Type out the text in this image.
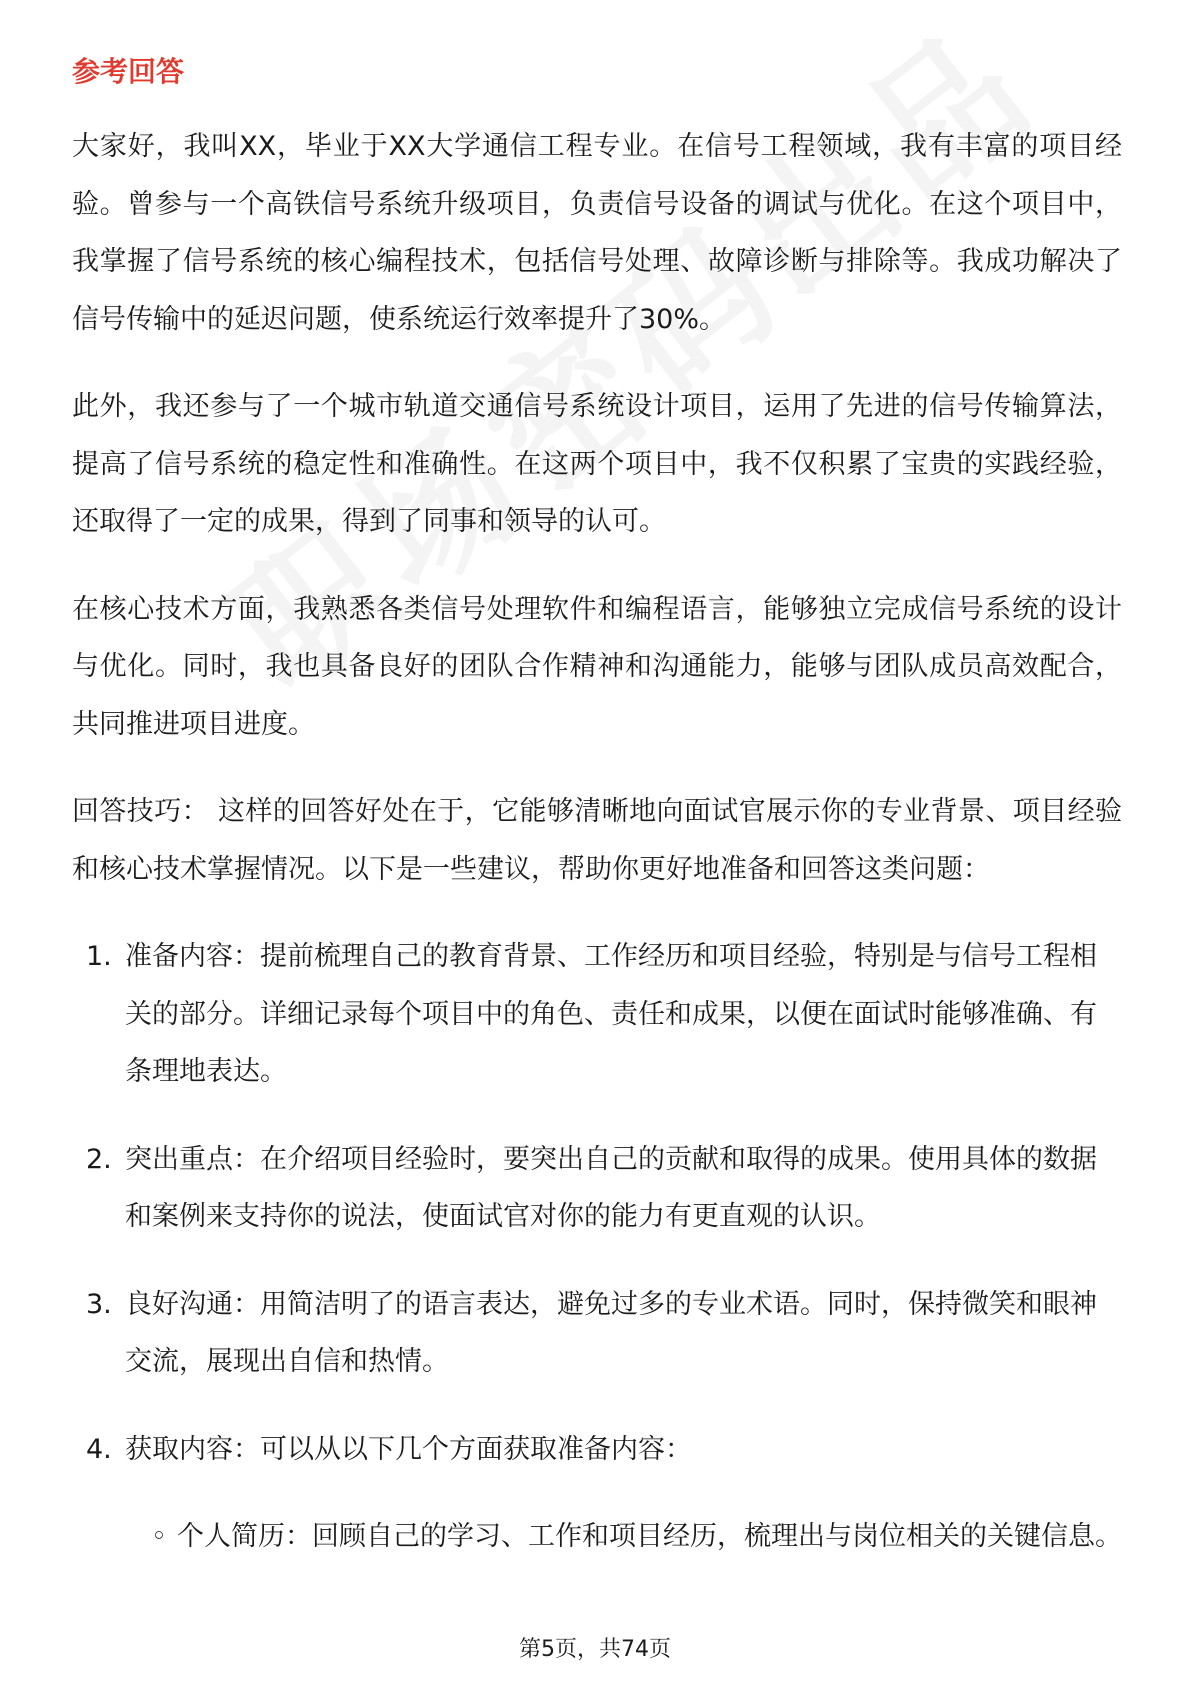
参考回答

大家好，我叫XX，毕业于XX大学通信工程专业。在信号工程领域，我有丰富的项目经验。曾参与一个高铁信号系统升级项目，负责信号设备的调试与优化。在这个项目中，我掌握了信号系统的核心编程技术，包括信号处理、故障诊断与排除等。我成功解决了信号传输中的延迟问题，使系统运行效率提升了30%。

此外，我还参与了一个城市轨道交通信号系统设计项目，运用了先进的信号传输算法，提高了信号系统的稳定性和准确性。在这两个项目中，我不仅积累了宝贵的实践经验，还取得了一定的成果，得到了同事和领导的认可。

在核心技术方面，我熟悉各类信号处理软件和编程语言，能够独立完成信号系统的设计与优化。同时，我也具备良好的团队合作精神和沟通能力，能够与团队成员高效配合，共同推进项目进度。

回答技巧： 这样的回答好处在于，它能够清晰地向面试官展示你的专业背景、项目经验和核心技术掌握情况。以下是一些建议，帮助你更好地准备和回答这类问题：

1. 准备内容：提前梳理自己的教育背景、工作经历和项目经验，特别是与信号工程相关的部分。详细记录每个项目中的角色、责任和成果，以便在面试时能够准确、有条理地表达。
2. 突出重点：在介绍项目经验时，要突出自己的贡献和取得的成果。使用具体的数据和案例来支持你的说法，使面试官对你的能力有更直观的认识。
3. 良好沟通：用简洁明了的语言表达，避免过多的专业术语。同时，保持微笑和眼神交流，展现出自信和热情。
4. 获取内容：可以从以下几个方面获取准备内容：
◦ 个人简历：回顾自己的学习、工作和项目经历，梳理出与岗位相关的关键信息。
第5页，共74页
